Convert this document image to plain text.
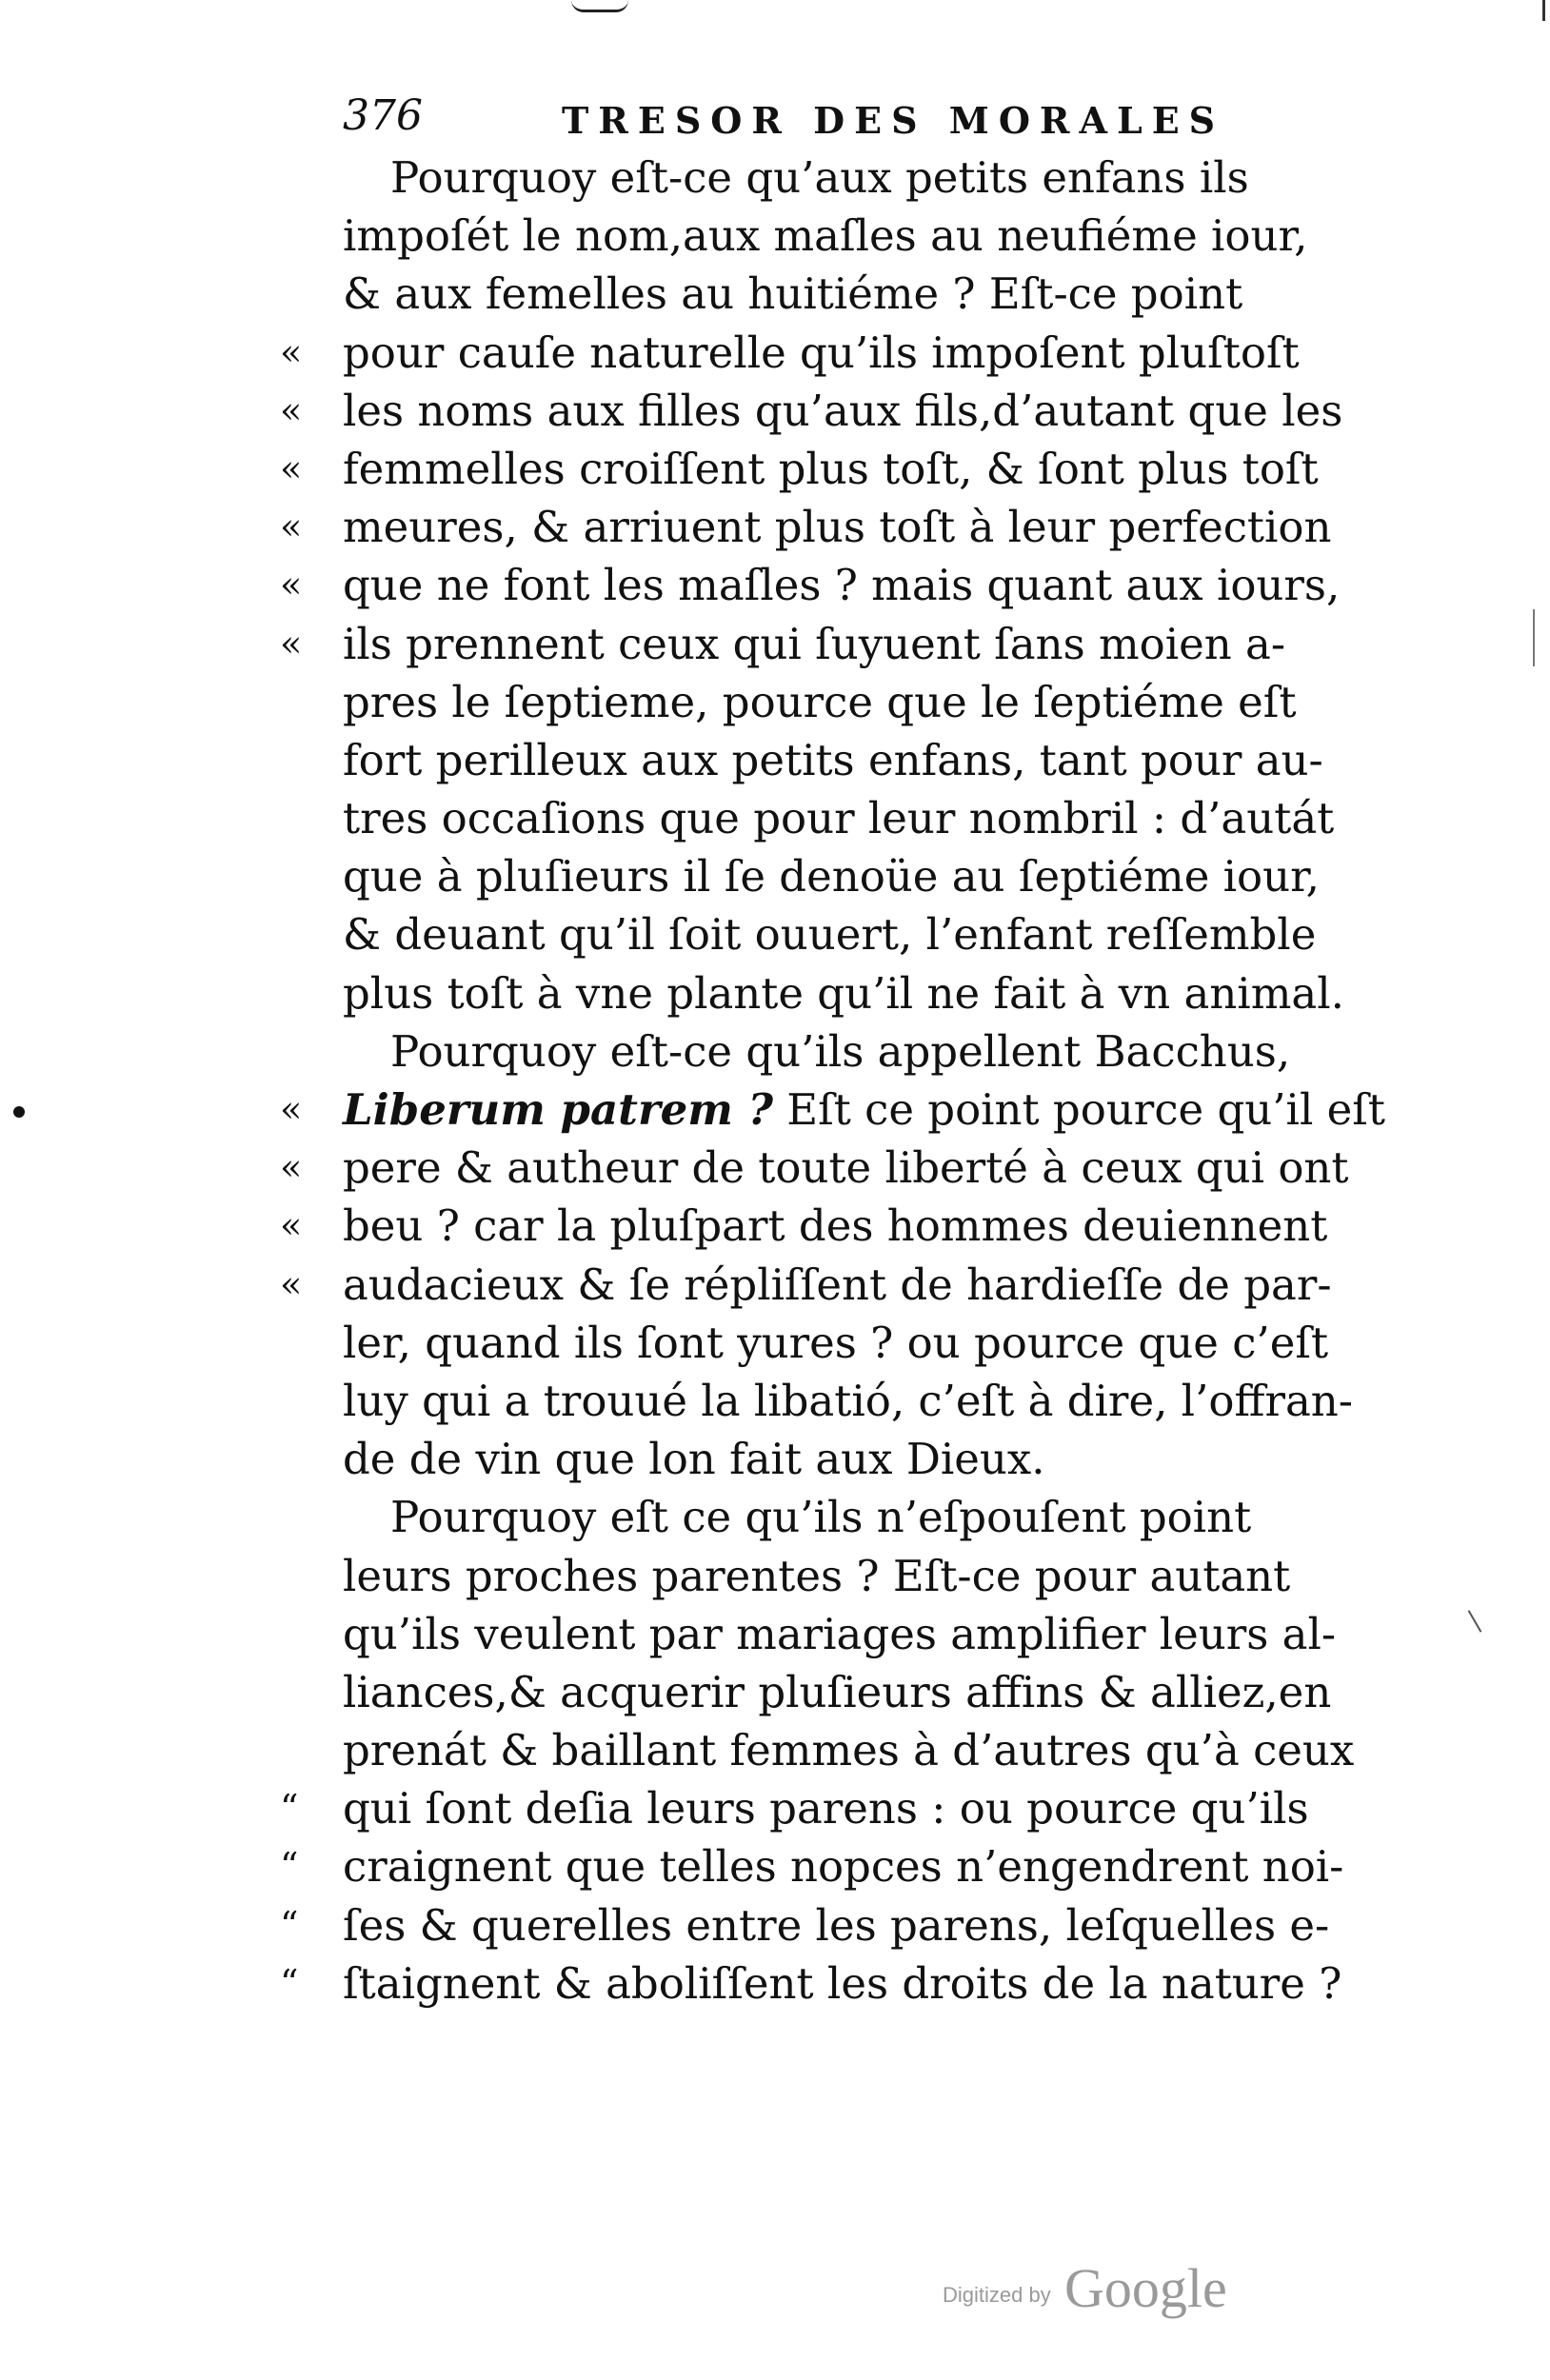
376	TRESOR DES MORALES
Pourquoy eſt-ce qu’aux petits enfans ils
impoſét le nom,aux maſles au neufiéme iour,
& aux femelles au huitiéme ? Eſt-ce point
« pour cauſe naturelle qu’ils impoſent pluſtoſt
« les noms aux filles qu’aux fils,d’autant que les
« femmelles croiſſent plus toſt, & ſont plus toſt
« meures, & arriuent plus toſt à leur perfection
« que ne font les maſles ? mais quant aux iours,
« ils prennent ceux qui ſuyuent ſans moien a-
pres le ſeptieme, pource que le ſeptiéme eſt
fort perilleux aux petits enfans, tant pour au-
tres occaſions que pour leur nombril : d’autát
que à pluſieurs il ſe denoüe au ſeptiéme iour,
& deuant qu’il ſoit ouuert, l’enfant reſſemble
plus toſt à vne plante qu’il ne fait à vn animal.
Pourquoy eſt-ce qu’ils appellent Bacchus,
« Liberum patrem ? Eſt ce point pource qu’il eſt
« pere & autheur de toute liberté à ceux qui ont
« beu ? car la pluſpart des hommes deuiennent
« audacieux & ſe répliſſent de hardieſſe de par-
ler, quand ils ſont yures ? ou pource que c’eſt
luy qui a trouué la libatió, c’eſt à dire, l’offran-
de de vin que lon fait aux Dieux.
Pourquoy eſt ce qu’ils n’eſpouſent point
leurs proches parentes ? Eſt-ce pour autant
qu’ils veulent par mariages amplifier leurs al-
liances,& acquerir pluſieurs affins & alliez,en
prenát & baillant femmes à d’autres qu’à ceux
“ qui ſont deſia leurs parens : ou pource qu’ils
“ craignent que telles nopces n’engendrent noi-
“ ſes & querelles entre les parens, leſquelles e-
“ ſtaignent & aboliſſent les droits de la nature ?
Digitized by Google
